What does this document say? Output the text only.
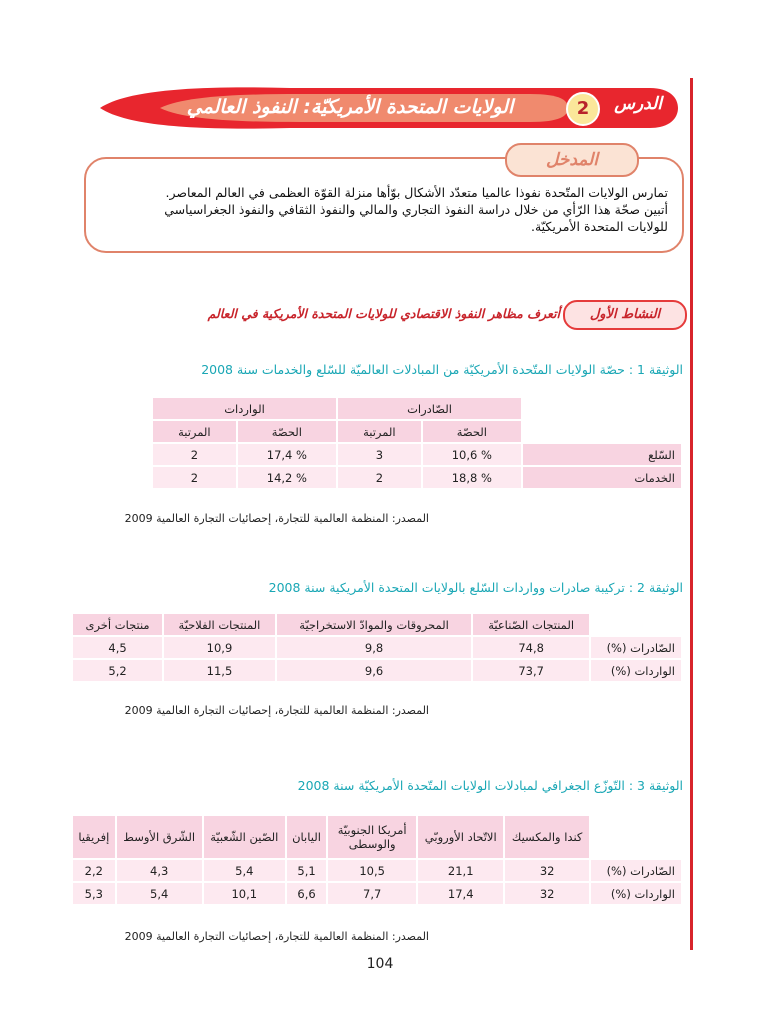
الدرس
2
الولايات المتحدة الأمريكيّة: النفوذ العالمي
المدخل

تمارس الولايات المتّحدة نفوذا عالميا متعدّد الأشكال بوّأها منزلة القوّة العظمى في العالم المعاصر.

أتبين صحّة هذا الرّأي من خلال دراسة النفوذ التجاري والمالي والنفوذ الثقافي والنفوذ الجغراسياسي

للولايات المتحدة الأمريكيّة.

النشاط الأول
أتعرف مظاهر النفوذ الاقتصادي للولايات المتحدة الأمريكية في العالم
الوثيقة 1 : حصّة الولايات المتّحدة الأمريكيّة من المبادلات العالميّة للسّلع والخدمات سنة 2008
	الصّادرات		الواردات	
	الحصّة	المرتبة	الحصّة	المرتبة
السّلع	% 10,6	3	% 17,4	2
الخدمات	% 18,8	2	% 14,2	2
المصدر: المنظمة العالمية للتجارة، إحصائيات التجارة العالمية 2009
الوثيقة 2 : تركيبة صادرات وواردات السّلع بالولايات المتحدة الأمريكية سنة 2008
	المنتجات الصّناعيّة	المحروقات والموادّ الاستخراجيّة	المنتجات الفلاحيّة	منتجات أخرى
الصّادرات (%)	74,8	9,8	10,9	4,5
الواردات (%)	73,7	9,6	11,5	5,2
المصدر: المنظمة العالمية للتجارة، إحصائيات التجارة العالمية 2009
الوثيقة 3 : التّوزّع الجغرافي لمبادلات الولايات المتّحدة الأمريكيّة سنة 2008
	كندا والمكسيك	الاتّحاد الأوروبّي	أمريكا الجنوبيّة والوسطى	اليابان	الصّين الشّعبيّة	الشّرق الأوسط	إفريقيا
الصّادرات (%)	32	21,1	10,5	5,1	5,4	4,3	2,2
الواردات (%)	32	17,4	7,7	6,6	10,1	5,4	5,3
المصدر: المنظمة العالمية للتجارة، إحصائيات التجارة العالمية 2009
104
